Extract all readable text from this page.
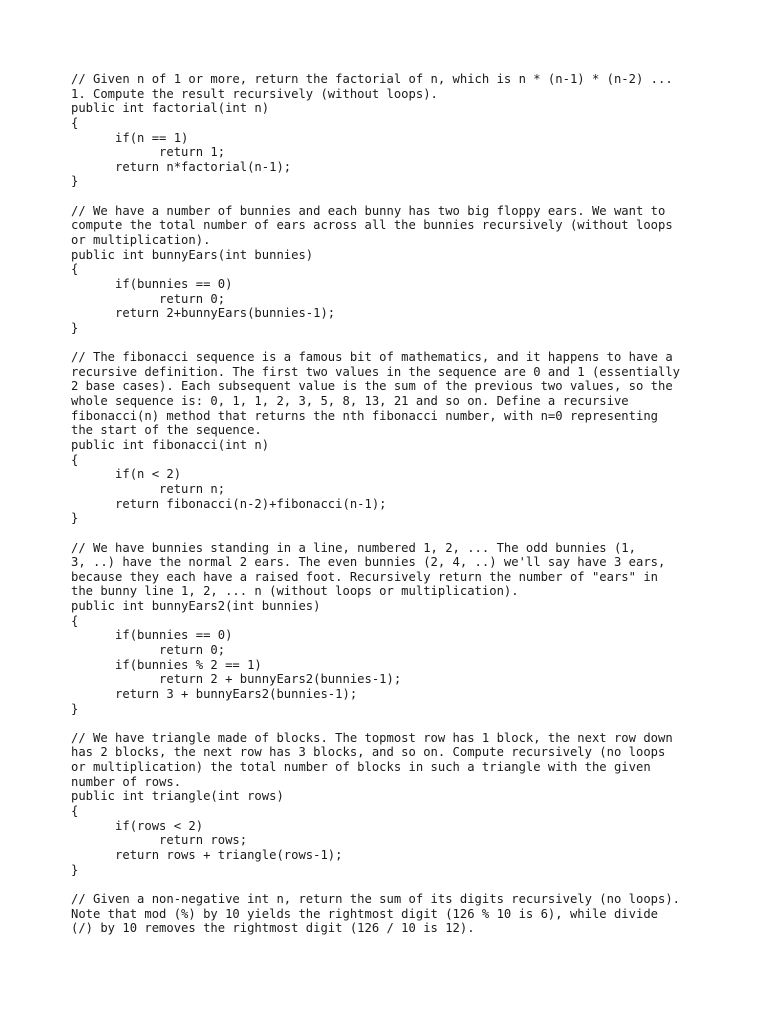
// Given n of 1 or more, return the factorial of n, which is n * (n-1) * (n-2) ...
1. Compute the result recursively (without loops).
public int factorial(int n)
{
if(n == 1)
return 1;
return n*factorial(n-1);
}
// We have a number of bunnies and each bunny has two big floppy ears. We want to
compute the total number of ears across all the bunnies recursively (without loops
or multiplication).
public int bunnyEars(int bunnies)
{
if(bunnies == 0)
return 0;
return 2+bunnyEars(bunnies-1);
}
// The fibonacci sequence is a famous bit of mathematics, and it happens to have a
recursive definition. The first two values in the sequence are 0 and 1 (essentially
2 base cases). Each subsequent value is the sum of the previous two values, so the
whole sequence is: 0, 1, 1, 2, 3, 5, 8, 13, 21 and so on. Define a recursive
fibonacci(n) method that returns the nth fibonacci number, with n=0 representing
the start of the sequence.
public int fibonacci(int n)
{
if(n < 2)
return n;
return fibonacci(n-2)+fibonacci(n-1);
}
// We have bunnies standing in a line, numbered 1, 2, ... The odd bunnies (1,
3, ..) have the normal 2 ears. The even bunnies (2, 4, ..) we'll say have 3 ears,
because they each have a raised foot. Recursively return the number of "ears" in
the bunny line 1, 2, ... n (without loops or multiplication).
public int bunnyEars2(int bunnies)
{
if(bunnies == 0)
return 0;
if(bunnies % 2 == 1)
return 2 + bunnyEars2(bunnies-1);
return 3 + bunnyEars2(bunnies-1);
}
// We have triangle made of blocks. The topmost row has 1 block, the next row down
has 2 blocks, the next row has 3 blocks, and so on. Compute recursively (no loops
or multiplication) the total number of blocks in such a triangle with the given
number of rows.
public int triangle(int rows)
{
if(rows < 2)
return rows;
return rows + triangle(rows-1);
}
// Given a non-negative int n, return the sum of its digits recursively (no loops).
Note that mod (%) by 10 yields the rightmost digit (126 % 10 is 6), while divide
(/) by 10 removes the rightmost digit (126 / 10 is 12).
